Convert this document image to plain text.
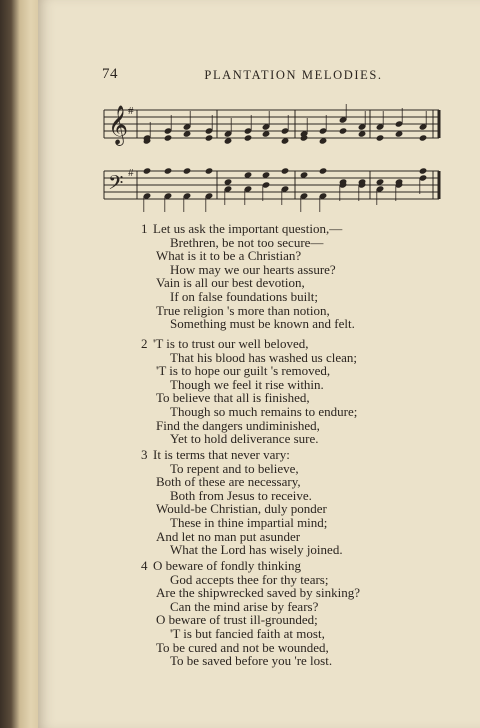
74	PLANTATION MELODIES.
𝄞 #
𝄢 #
1 Let us ask the important question,—
Brethren, be not too secure—
What is it to be a Christian?
How may we our hearts assure?
Vain is all our best devotion,
If on false foundations built;
True religion 's more than notion,
Something must be known and felt.
2 'T is to trust our well beloved,
That his blood has washed us clean;
'T is to hope our guilt 's removed,
Though we feel it rise within.
To believe that all is finished,
Though so much remains to endure;
Find the dangers undiminished,
Yet to hold deliverance sure.
3 It is terms that never vary:
To repent and to believe,
Both of these are necessary,
Both from Jesus to receive.
Would-be Christian, duly ponder
These in thine impartial mind;
And let no man put asunder
What the Lord has wisely joined.
4 O beware of fondly thinking
God accepts thee for thy tears;
Are the shipwrecked saved by sinking?
Can the mind arise by fears?
O beware of trust ill-grounded;
'T is but fancied faith at most,
To be cured and not be wounded,
To be saved before you 're lost.
